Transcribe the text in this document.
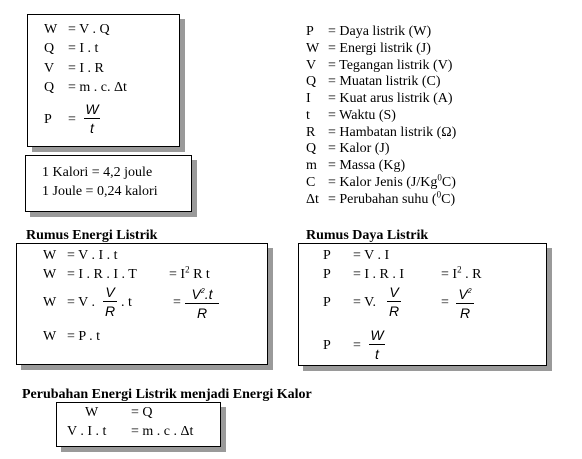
W = V . Q
Q = I . t
V = I . R
Q = m . c. Δt
P =
W
t
1 Kalori = 4,2 joule
1 Joule = 0,24 kalori
P = Daya listrik (W)
W = Energi listrik (J)
V = Tegangan listrik (V)
Q = Muatan listrik (C)
I = Kuat arus listrik (A)
t = Waktu (S)
R = Hambatan listrik (Ω)
Q = Kalor (J)
m = Massa (Kg)
C = Kalor Jenis (J/Kg$^0$C)
Δt = Perubahan suhu ($^0$C)
Rumus Energi Listrik
W = V . I . t
W = I . R . I . $T = I^2$ R t
W = V .
V
R
. t	=
$V^2.t$
R
W = P . t
Rumus Daya Listrik
P = V . I
P = I . R . I	= $I^2$ . R
P = V.
V
R
=
$V^2$
R
P =
W
t
Perubahan Energi Listrik menjadi Energi Kalor
W = Q
V . I . t = m . c . Δt
